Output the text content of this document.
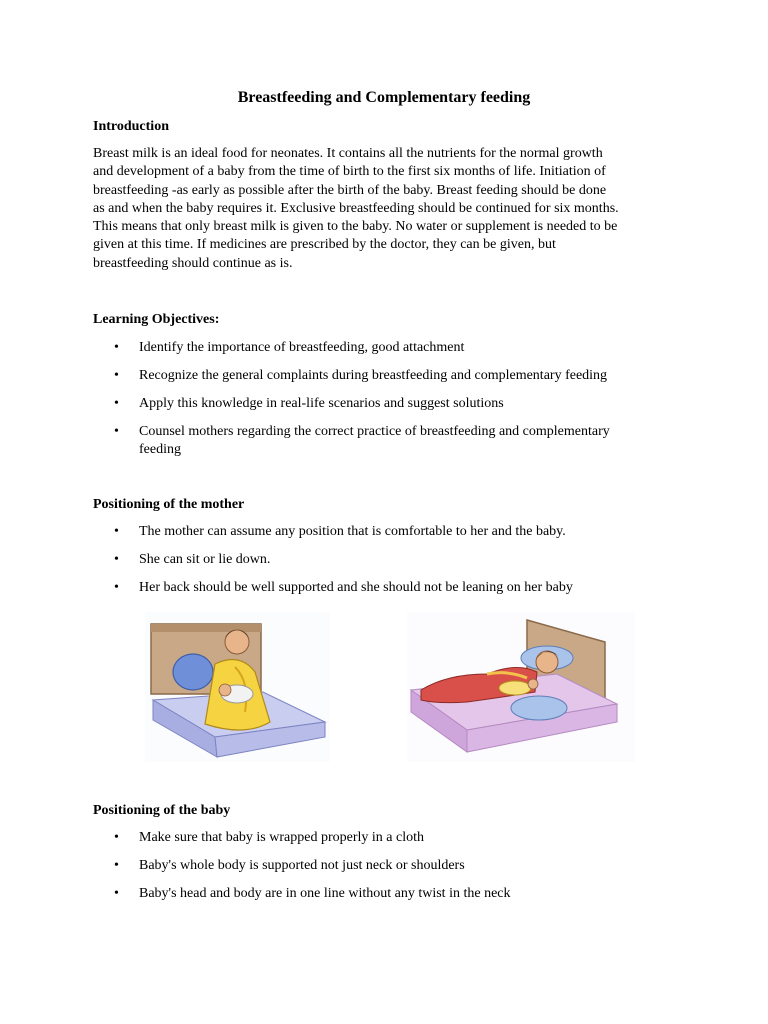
Breastfeeding and Complementary feeding
Introduction
Breast milk is an ideal food for neonates. It contains all the nutrients for the normal growth
and development of a baby from the time of birth to the first six months of life. Initiation of
breastfeeding -as early as possible after the birth of the baby. Breast feeding should be done
as and when the baby requires it. Exclusive breastfeeding should be continued for six months.
This means that only breast milk is given to the baby. No water or supplement is needed to be
given at this time. If medicines are prescribed by the doctor, they can be given, but
breastfeeding should continue as is.
Learning Objectives:
• Identify the importance of breastfeeding, good attachment
• Recognize the general complaints during breastfeeding and complementary feeding
• Apply this knowledge in real-life scenarios and suggest solutions
• Counsel mothers regarding the correct practice of breastfeeding and complementary
feeding
Positioning of the mother
• The mother can assume any position that is comfortable to her and the baby.
• She can sit or lie down.
• Her back should be well supported and she should not be leaning on her baby
Positioning of the baby
• Make sure that baby is wrapped properly in a cloth
• Baby's whole body is supported not just neck or shoulders
• Baby's head and body are in one line without any twist in the neck
